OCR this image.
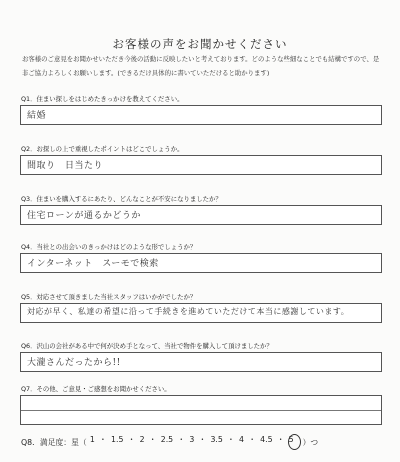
お客様の声をお聞かせください
お客様のご意見をお聞かせいただき今後の活動に反映したいと考えております。どのような些細なことでも結構ですので、是非ご協力よろしくお願いします。(できるだけ具体的に書いていただけると助かります)
Q1．住まい探しをはじめたきっかけを教えてください。
結婚
Q2．お探しの上で重視したポイントはどこでしょうか。
間取り　日当たり
Q3．住まいを購入するにあたり、どんなことが不安になりましたか？
住宅ローンが通るかどうか
Q4．当社との出会いのきっかけはどのような形でしょうか？
インターネット　スーモで検索
Q5．対応させて頂きました当社スタッフはいかがでしたか？
対応が早く、私達の希望に沿って手続きを進めていただけて本当に感謝しています。
Q6．沢山の会社がある中で何が決め手となって、当社で物件を購入して頂けましたか？
大瀧さんだったから!!
Q7．その他、ご意見・ご感想をお聞かせください。
Q8．満足度：星（ 1 ・ 1.5 ・ 2 ・ 2.5 ・ 3 ・ 3.5 ・ 4 ・ 4.5 ・ 5	）つ
